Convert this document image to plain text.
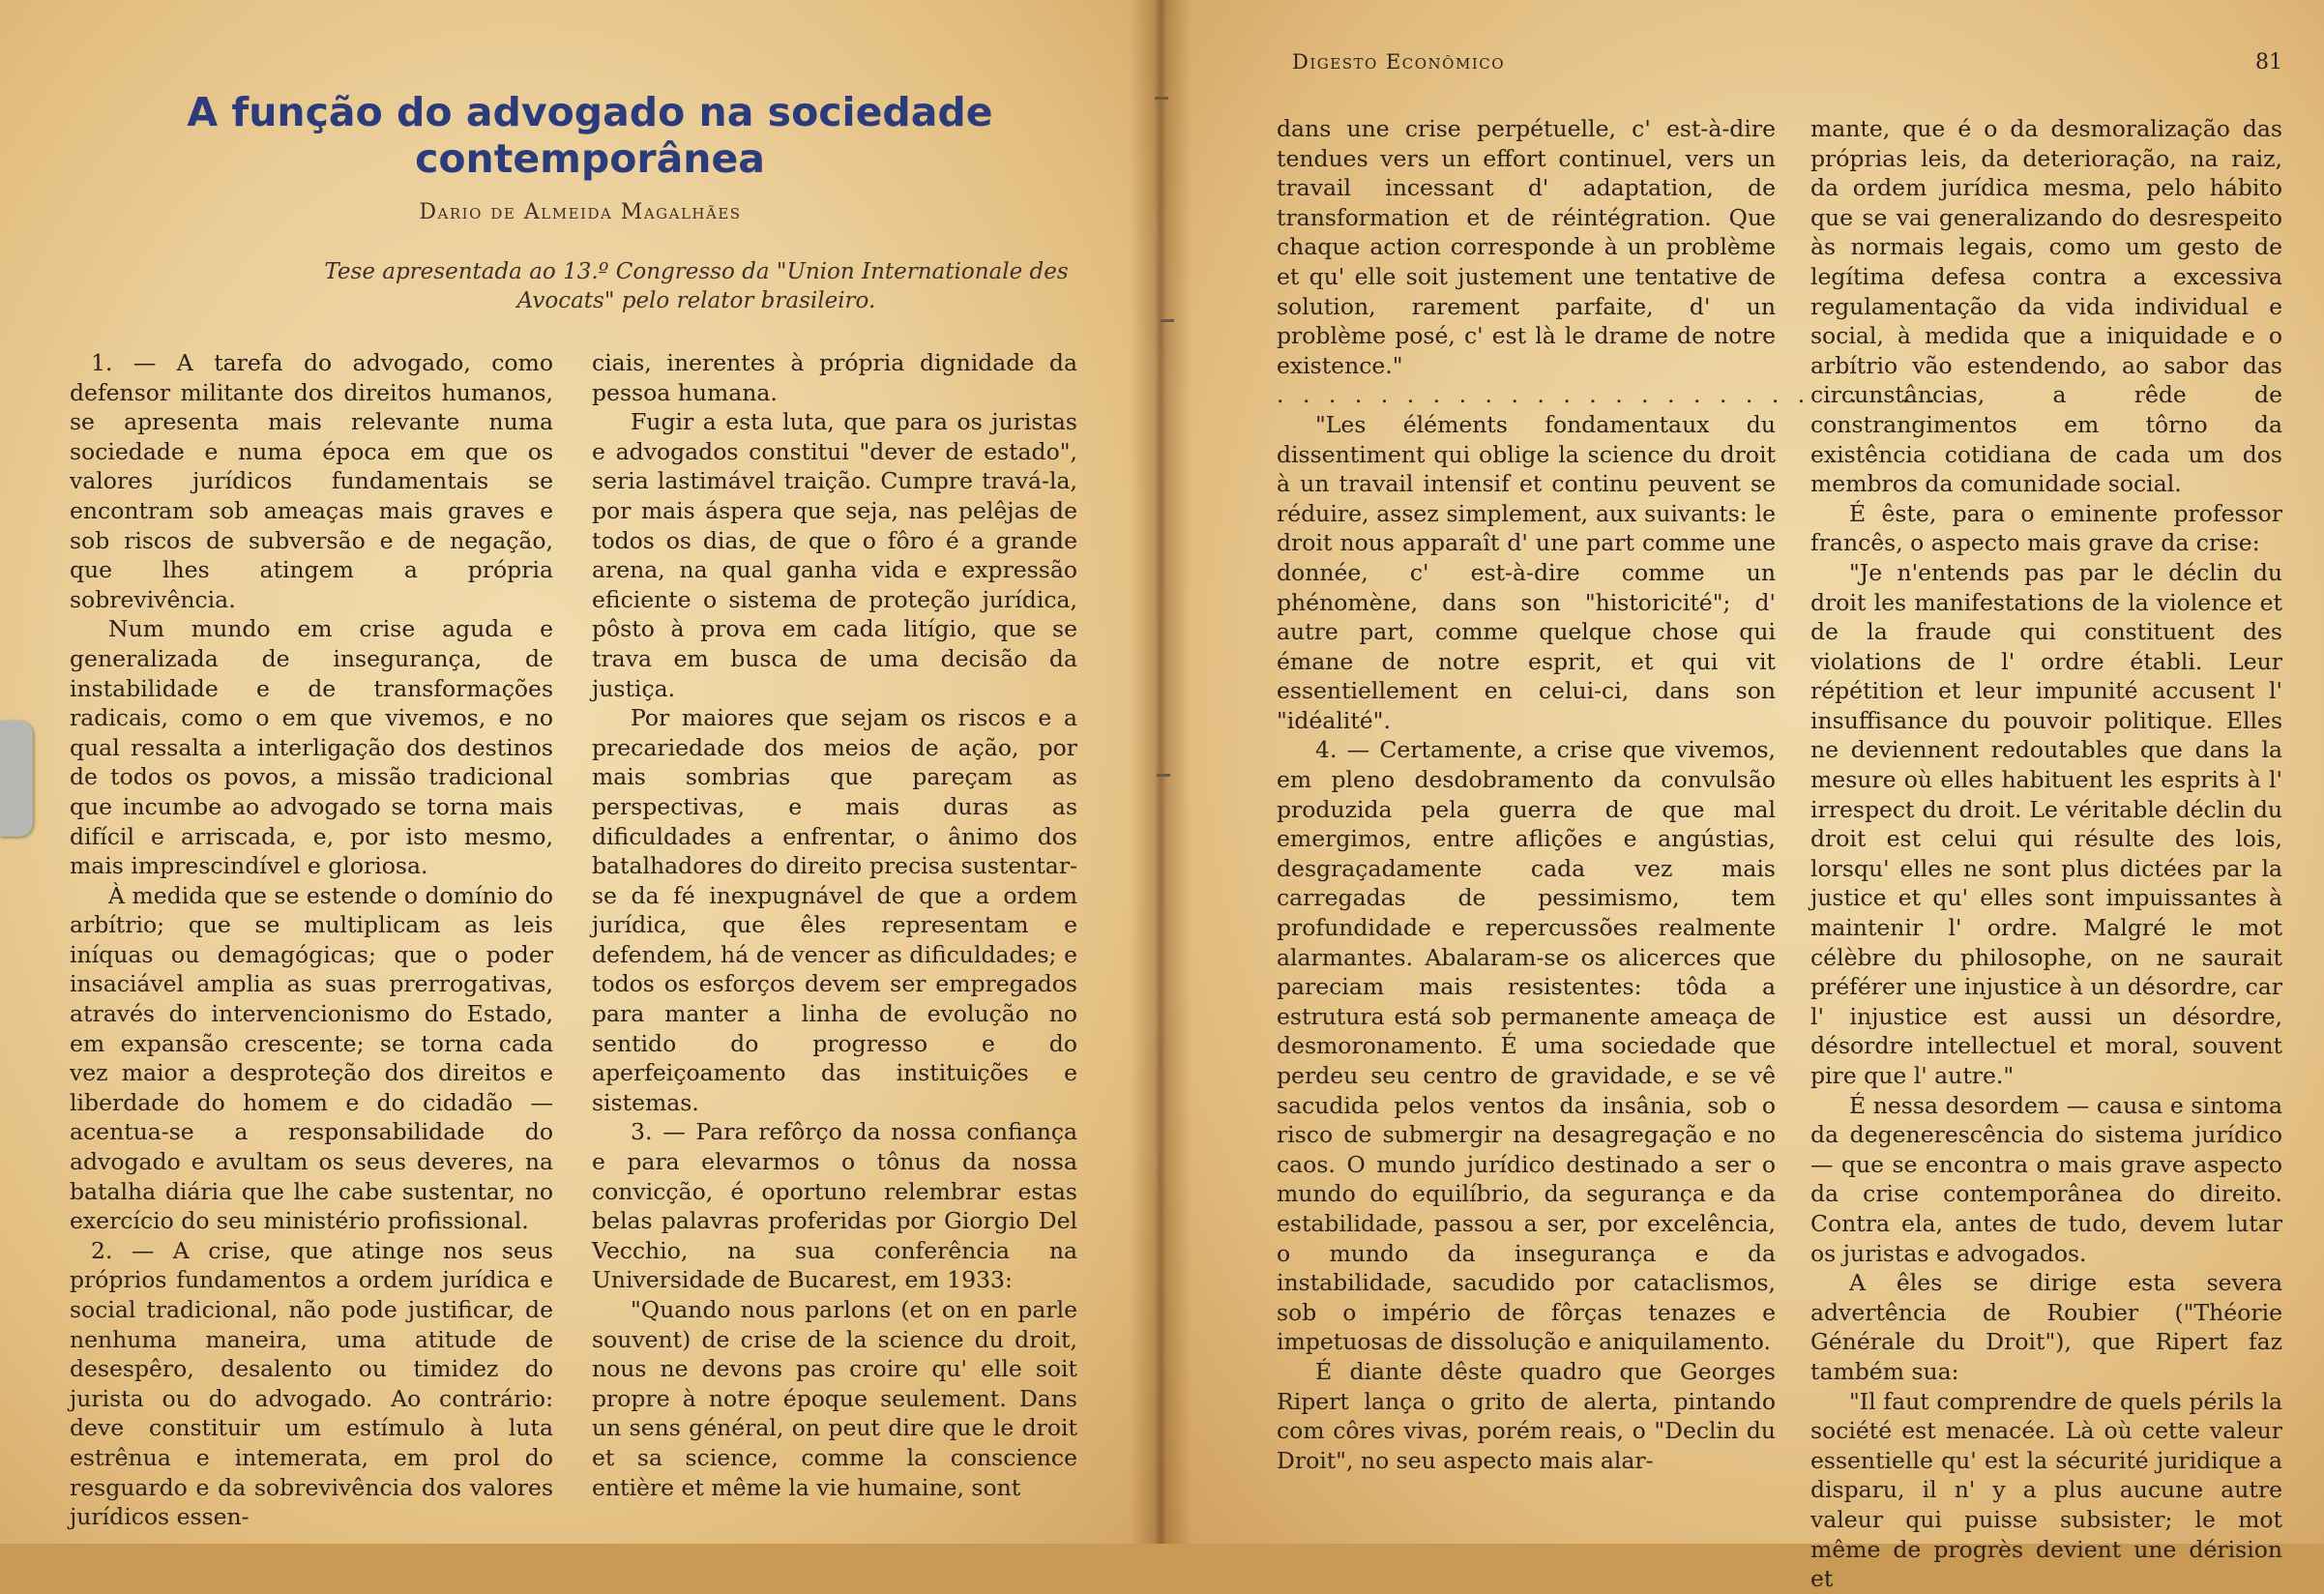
A função do advogado na sociedade contemporânea
Dario de Almeida Magalhães
Tese apresentada ao 13.º Congresso da "Union Internationale des Avocats" pelo relator brasileiro.

1. — A tarefa do advogado, como defensor militante dos direitos humanos, se apresenta mais relevante numa sociedade e numa época em que os valores jurídicos fundamentais se encontram sob ameaças mais graves e sob riscos de subversão e de negação, que lhes atingem a própria sobrevivência.

Num mundo em crise aguda e generalizada de insegurança, de instabilidade e de transformações radicais, como o em que vivemos, e no qual ressalta a interligação dos destinos de todos os povos, a missão tradicional que incumbe ao advogado se torna mais difícil e arriscada, e, por isto mesmo, mais imprescindível e gloriosa.

À medida que se estende o domínio do arbítrio; que se multiplicam as leis iníquas ou demagógicas; que o poder insaciável amplia as suas prerrogativas, através do intervencionismo do Estado, em expansão crescente; se torna cada vez maior a desproteção dos direitos e liberdade do homem e do cidadão — acentua-se a responsabilidade do advogado e avultam os seus deveres, na batalha diária que lhe cabe sustentar, no exercício do seu ministério profissional.

2. — A crise, que atinge nos seus próprios fundamentos a ordem jurídica e social tradicional, não pode justificar, de nenhuma maneira, uma atitude de desespêro, desalento ou timidez do jurista ou do advogado. Ao contrário: deve constituir um estímulo à luta estrênua e intemerata, em prol do resguardo e da sobrevivência dos valores jurídicos essen-

ciais, inerentes à própria dignidade da pessoa humana.

Fugir a esta luta, que para os juristas e advogados constitui "dever de estado", seria lastimável traição. Cumpre travá-la, por mais áspera que seja, nas pelêjas de todos os dias, de que o fôro é a grande arena, na qual ganha vida e expressão eficiente o sistema de proteção jurídica, pôsto à prova em cada litígio, que se trava em busca de uma decisão da justiça.

Por maiores que sejam os riscos e a precariedade dos meios de ação, por mais sombrias que pareçam as perspectivas, e mais duras as dificuldades a enfrentar, o ânimo dos batalhadores do direito precisa sustentar-se da fé inexpugnável de que a ordem jurídica, que êles representam e defendem, há de vencer as dificuldades; e todos os esforços devem ser empregados para manter a linha de evolução no sentido do progresso e do aperfeiçoamento das instituições e sistemas.

3. — Para refôrço da nossa confiança e para elevarmos o tônus da nossa convicção, é oportuno relembrar estas belas palavras proferidas por Giorgio Del Vecchio, na sua conferência na Universidade de Bucarest, em 1933:

"Quando nous parlons (et on en parle souvent) de crise de la science du droit, nous ne devons pas croire qu' elle soit propre à notre époque seulement. Dans un sens général, on peut dire que le droit et sa science, comme la conscience entière et même la vie humaine, sont

Digesto Econômico	81

dans une crise perpétuelle, c' est-à-dire tendues vers un effort continuel, vers un travail incessant d' adaptation, de transformation et de réintégration. Que chaque action corresponde à un problème et qu' elle soit justement une tentative de solution, rarement parfaite, d' un problème posé, c' est là le drame de notre existence."

. . . . . . . . . . . . . . . . . . . . . . . . . .

"Les éléments fondamentaux du dissentiment qui oblige la science du droit à un travail intensif et continu peuvent se réduire, assez simplement, aux suivants: le droit nous apparaît d' une part comme une donnée, c' est-à-dire comme un phénomène, dans son "historicité"; d' autre part, comme quelque chose qui émane de notre esprit, et qui vit essentiellement en celui-ci, dans son "idéalité".

4. — Certamente, a crise que vivemos, em pleno desdobramento da convulsão produzida pela guerra de que mal emergimos, entre aflições e angústias, desgraçadamente cada vez mais carregadas de pessimismo, tem profundidade e repercussões realmente alarmantes. Abalaram-se os alicerces que pareciam mais resistentes: tôda a estrutura está sob permanente ameaça de desmoronamento. É uma sociedade que perdeu seu centro de gravidade, e se vê sacudida pelos ventos da insânia, sob o risco de submergir na desagregação e no caos. O mundo jurídico destinado a ser o mundo do equilíbrio, da segurança e da estabilidade, passou a ser, por excelência, o mundo da insegurança e da instabilidade, sacudido por cataclismos, sob o império de fôrças tenazes e impetuosas de dissolução e aniquilamento.

É diante dêste quadro que Georges Ripert lança o grito de alerta, pintando com côres vivas, porém reais, o "Declin du Droit", no seu aspecto mais alar-

mante, que é o da desmoralização das próprias leis, da deterioração, na raiz, da ordem jurídica mesma, pelo hábito que se vai generalizando do desrespeito às normais legais, como um gesto de legítima defesa contra a excessiva regulamentação da vida individual e social, à medida que a iniquidade e o arbítrio vão estendendo, ao sabor das circunstâncias, a rêde de constrangimentos em tôrno da existência cotidiana de cada um dos membros da comunidade social.

É êste, para o eminente professor francês, o aspecto mais grave da crise:

"Je n'entends pas par le déclin du droit les manifestations de la violence et de la fraude qui constituent des violations de l' ordre établi. Leur répétition et leur impunité accusent l' insuffisance du pouvoir politique. Elles ne deviennent redoutables que dans la mesure où elles habituent les esprits à l' irrespect du droit. Le véritable déclin du droit est celui qui résulte des lois, lorsqu' elles ne sont plus dictées par la justice et qu' elles sont impuissantes à maintenir l' ordre. Malgré le mot célèbre du philosophe, on ne saurait préférer une injustice à un désordre, car l' injustice est aussi un désordre, désordre intellectuel et moral, souvent pire que l' autre."

É nessa desordem — causa e sintoma da degenerescência do sistema jurídico — que se encontra o mais grave aspecto da crise contemporânea do direito. Contra ela, antes de tudo, devem lutar os juristas e advogados.

A êles se dirige esta severa advertência de Roubier ("Théorie Générale du Droit"), que Ripert faz também sua:

"Il faut comprendre de quels périls la société est menacée. Là où cette valeur essentielle qu' est la sécurité juridique a disparu, il n' y a plus aucune autre valeur qui puisse subsister; le mot même de progrès devient une dérision et
